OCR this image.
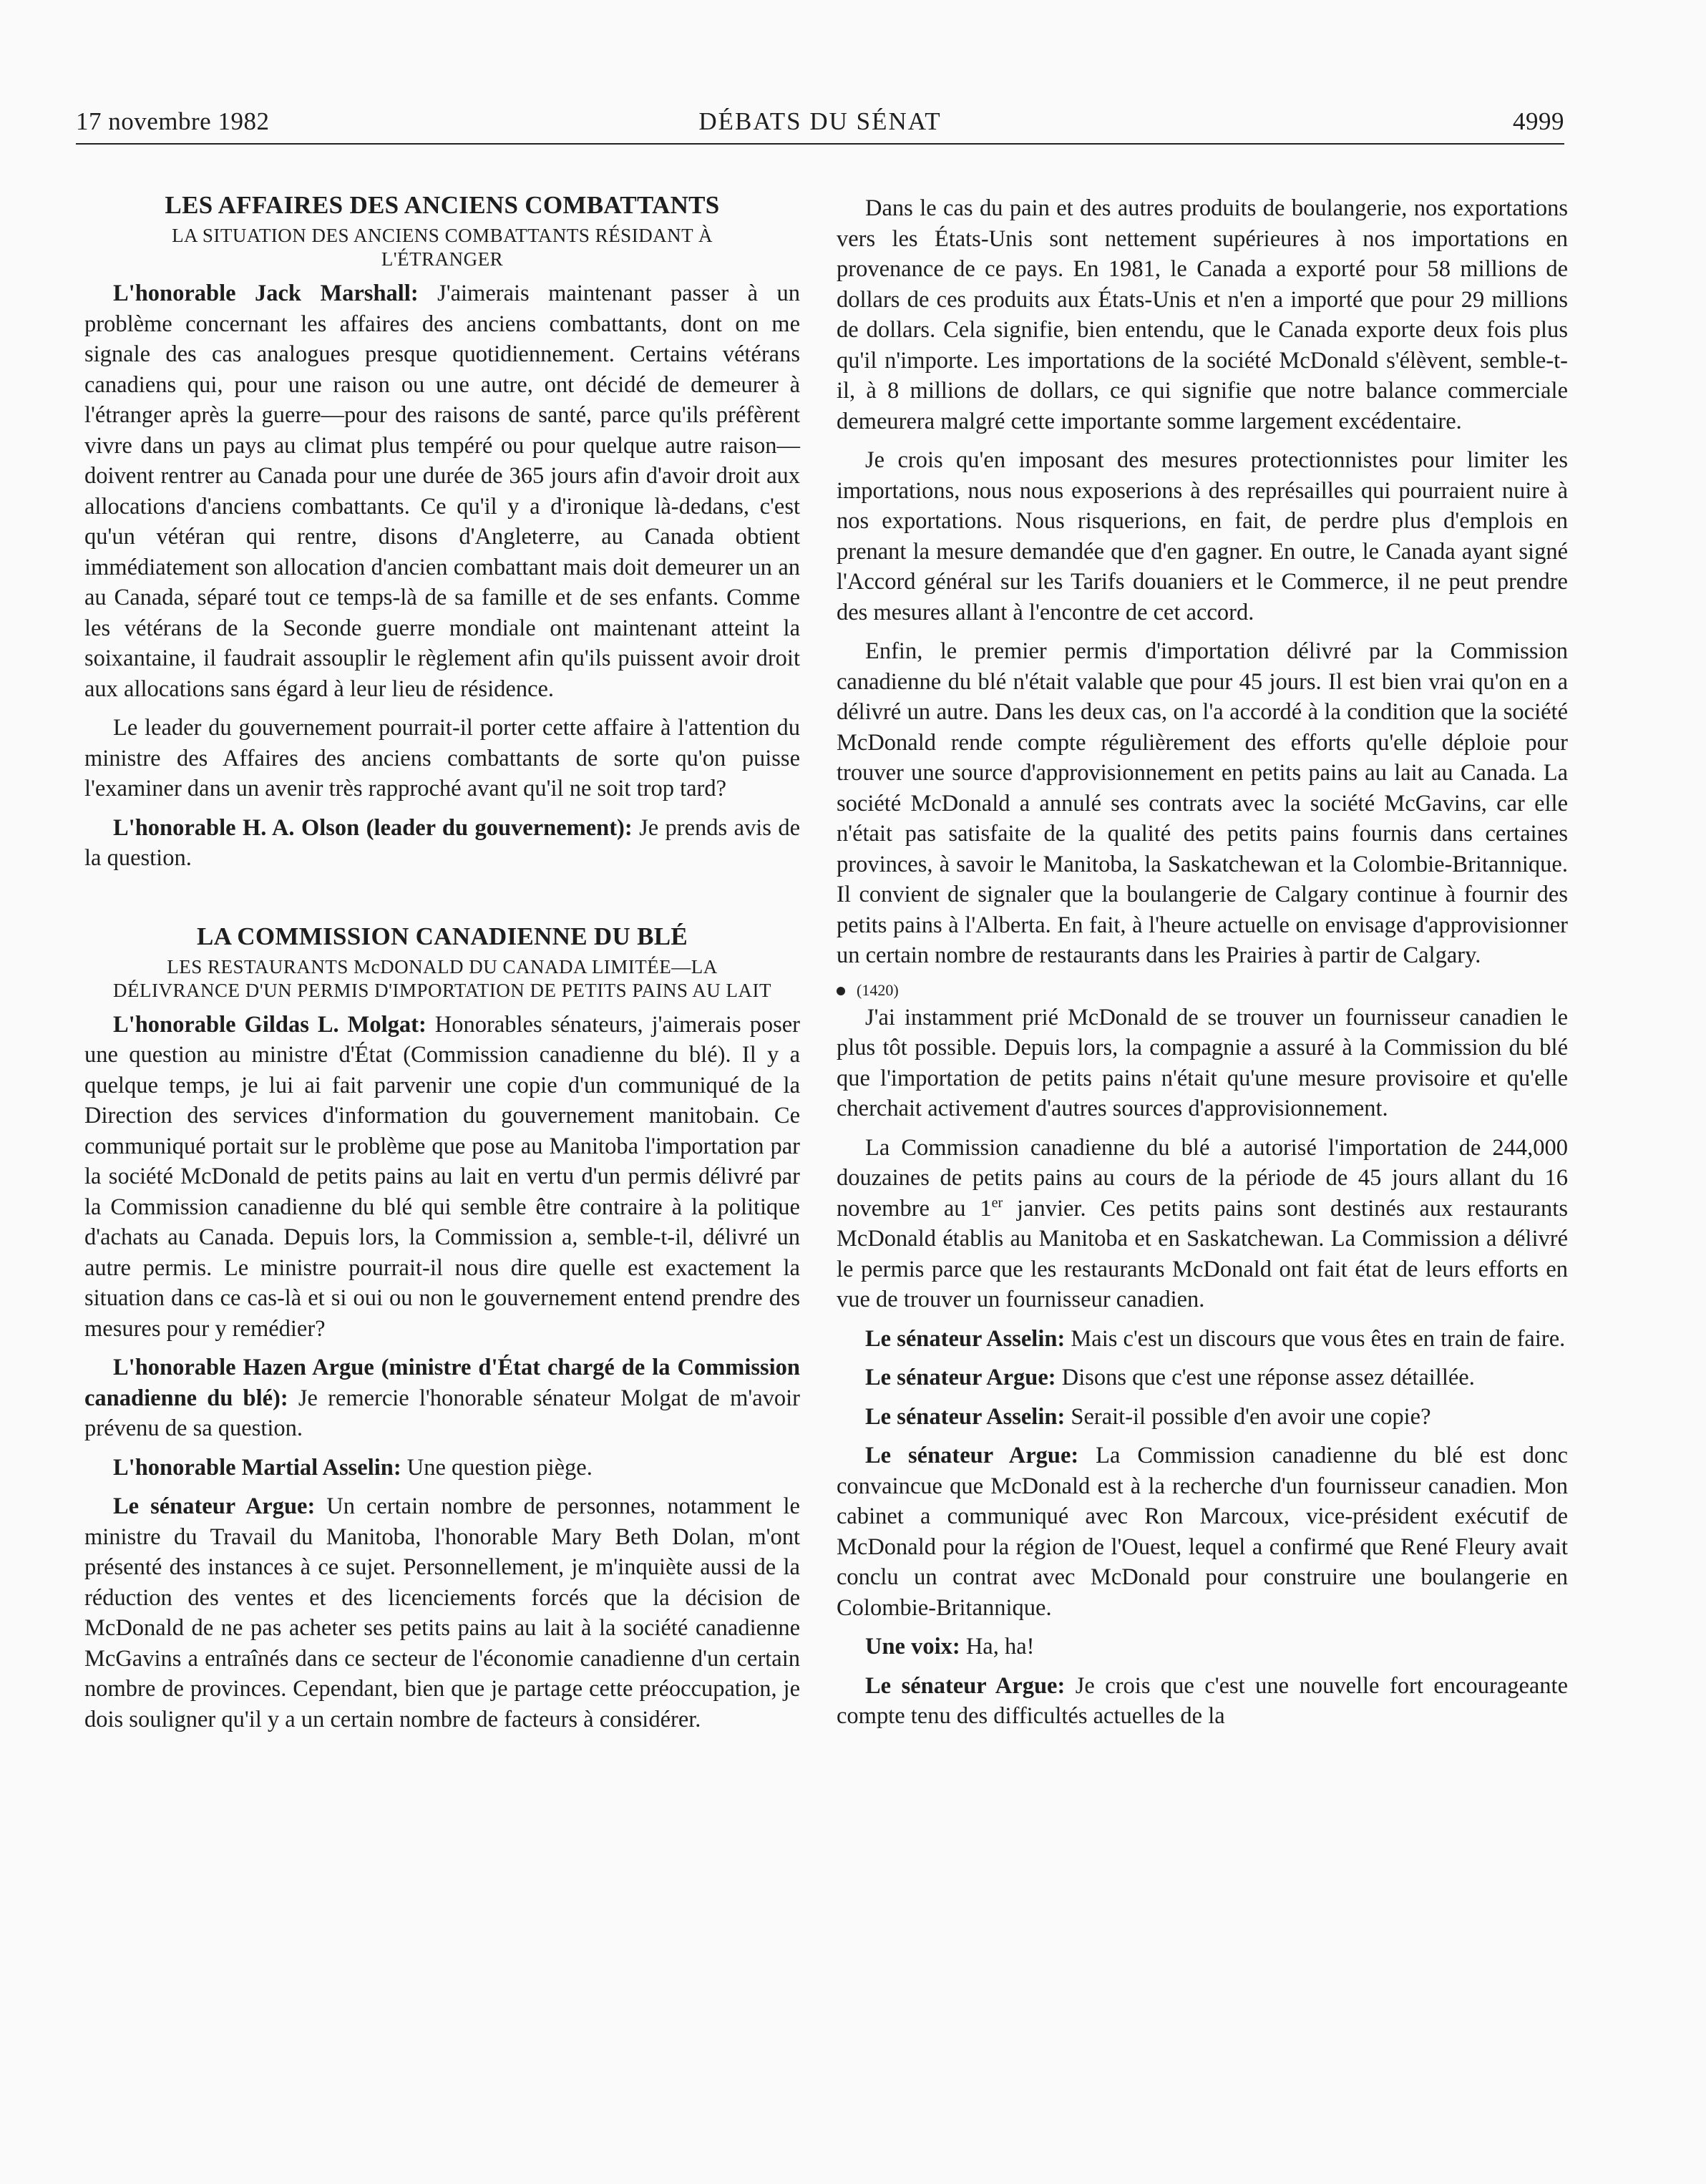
17 novembre 1982	DÉBATS DU SÉNAT	4999
LES AFFAIRES DES ANCIENS COMBATTANTS
LA SITUATION DES ANCIENS COMBATTANTS RÉSIDANT À L'ÉTRANGER

L'honorable Jack Marshall: J'aimerais maintenant passer à un problème concernant les affaires des anciens combattants, dont on me signale des cas analogues presque quotidiennement. Certains vétérans canadiens qui, pour une raison ou une autre, ont décidé de demeurer à l'étranger après la guerre—pour des raisons de santé, parce qu'ils préfèrent vivre dans un pays au climat plus tempéré ou pour quelque autre raison—doivent rentrer au Canada pour une durée de 365 jours afin d'avoir droit aux allocations d'anciens combattants. Ce qu'il y a d'ironique là-dedans, c'est qu'un vétéran qui rentre, disons d'Angleterre, au Canada obtient immédiatement son allocation d'ancien combattant mais doit demeurer un an au Canada, séparé tout ce temps-là de sa famille et de ses enfants. Comme les vétérans de la Seconde guerre mondiale ont maintenant atteint la soixantaine, il faudrait assouplir le règlement afin qu'ils puissent avoir droit aux allocations sans égard à leur lieu de résidence.

Le leader du gouvernement pourrait-il porter cette affaire à l'attention du ministre des Affaires des anciens combattants de sorte qu'on puisse l'examiner dans un avenir très rapproché avant qu'il ne soit trop tard?

L'honorable H. A. Olson (leader du gouvernement): Je prends avis de la question.

LA COMMISSION CANADIENNE DU BLÉ
LES RESTAURANTS McDONALD DU CANADA LIMITÉE—LA DÉLIVRANCE D'UN PERMIS D'IMPORTATION DE PETITS PAINS AU LAIT

L'honorable Gildas L. Molgat: Honorables sénateurs, j'aimerais poser une question au ministre d'État (Commission canadienne du blé). Il y a quelque temps, je lui ai fait parvenir une copie d'un communiqué de la Direction des services d'information du gouvernement manitobain. Ce communiqué portait sur le problème que pose au Manitoba l'importation par la société McDonald de petits pains au lait en vertu d'un permis délivré par la Commission canadienne du blé qui semble être contraire à la politique d'achats au Canada. Depuis lors, la Commission a, semble-t-il, délivré un autre permis. Le ministre pourrait-il nous dire quelle est exactement la situation dans ce cas-là et si oui ou non le gouvernement entend prendre des mesures pour y remédier?

L'honorable Hazen Argue (ministre d'État chargé de la Commission canadienne du blé): Je remercie l'honorable sénateur Molgat de m'avoir prévenu de sa question.

L'honorable Martial Asselin: Une question piège.

Le sénateur Argue: Un certain nombre de personnes, notamment le ministre du Travail du Manitoba, l'honorable Mary Beth Dolan, m'ont présenté des instances à ce sujet. Personnellement, je m'inquiète aussi de la réduction des ventes et des licenciements forcés que la décision de McDonald de ne pas acheter ses petits pains au lait à la société canadienne McGavins a entraînés dans ce secteur de l'économie canadienne d'un certain nombre de provinces. Cependant, bien que je partage cette préoccupation, je dois souligner qu'il y a un certain nombre de facteurs à considérer.

Dans le cas du pain et des autres produits de boulangerie, nos exportations vers les États-Unis sont nettement supérieures à nos importations en provenance de ce pays. En 1981, le Canada a exporté pour 58 millions de dollars de ces produits aux États-Unis et n'en a importé que pour 29 millions de dollars. Cela signifie, bien entendu, que le Canada exporte deux fois plus qu'il n'importe. Les importations de la société McDonald s'élèvent, semble-t-il, à 8 millions de dollars, ce qui signifie que notre balance commerciale demeurera malgré cette importante somme largement excédentaire.

Je crois qu'en imposant des mesures protectionnistes pour limiter les importations, nous nous exposerions à des représailles qui pourraient nuire à nos exportations. Nous risquerions, en fait, de perdre plus d'emplois en prenant la mesure demandée que d'en gagner. En outre, le Canada ayant signé l'Accord général sur les Tarifs douaniers et le Commerce, il ne peut prendre des mesures allant à l'encontre de cet accord.

Enfin, le premier permis d'importation délivré par la Commission canadienne du blé n'était valable que pour 45 jours. Il est bien vrai qu'on en a délivré un autre. Dans les deux cas, on l'a accordé à la condition que la société McDonald rende compte régulièrement des efforts qu'elle déploie pour trouver une source d'approvisionnement en petits pains au lait au Canada. La société McDonald a annulé ses contrats avec la société McGavins, car elle n'était pas satisfaite de la qualité des petits pains fournis dans certaines provinces, à savoir le Manitoba, la Saskatchewan et la Colombie-Britannique. Il convient de signaler que la boulangerie de Calgary continue à fournir des petits pains à l'Alberta. En fait, à l'heure actuelle on envisage d'approvisionner un certain nombre de restaurants dans les Prairies à partir de Calgary.

(1420)

J'ai instamment prié McDonald de se trouver un fournisseur canadien le plus tôt possible. Depuis lors, la compagnie a assuré à la Commission du blé que l'importation de petits pains n'était qu'une mesure provisoire et qu'elle cherchait activement d'autres sources d'approvisionnement.

La Commission canadienne du blé a autorisé l'importation de 244,000 douzaines de petits pains au cours de la période de 45 jours allant du 16 novembre au 1er janvier. Ces petits pains sont destinés aux restaurants McDonald établis au Manitoba et en Saskatchewan. La Commission a délivré le permis parce que les restaurants McDonald ont fait état de leurs efforts en vue de trouver un fournisseur canadien.

Le sénateur Asselin: Mais c'est un discours que vous êtes en train de faire.

Le sénateur Argue: Disons que c'est une réponse assez détaillée.

Le sénateur Asselin: Serait-il possible d'en avoir une copie?

Le sénateur Argue: La Commission canadienne du blé est donc convaincue que McDonald est à la recherche d'un fournisseur canadien. Mon cabinet a communiqué avec Ron Marcoux, vice-président exécutif de McDonald pour la région de l'Ouest, lequel a confirmé que René Fleury avait conclu un contrat avec McDonald pour construire une boulangerie en Colombie-Britannique.

Une voix: Ha, ha!

Le sénateur Argue: Je crois que c'est une nouvelle fort encourageante compte tenu des difficultés actuelles de la
